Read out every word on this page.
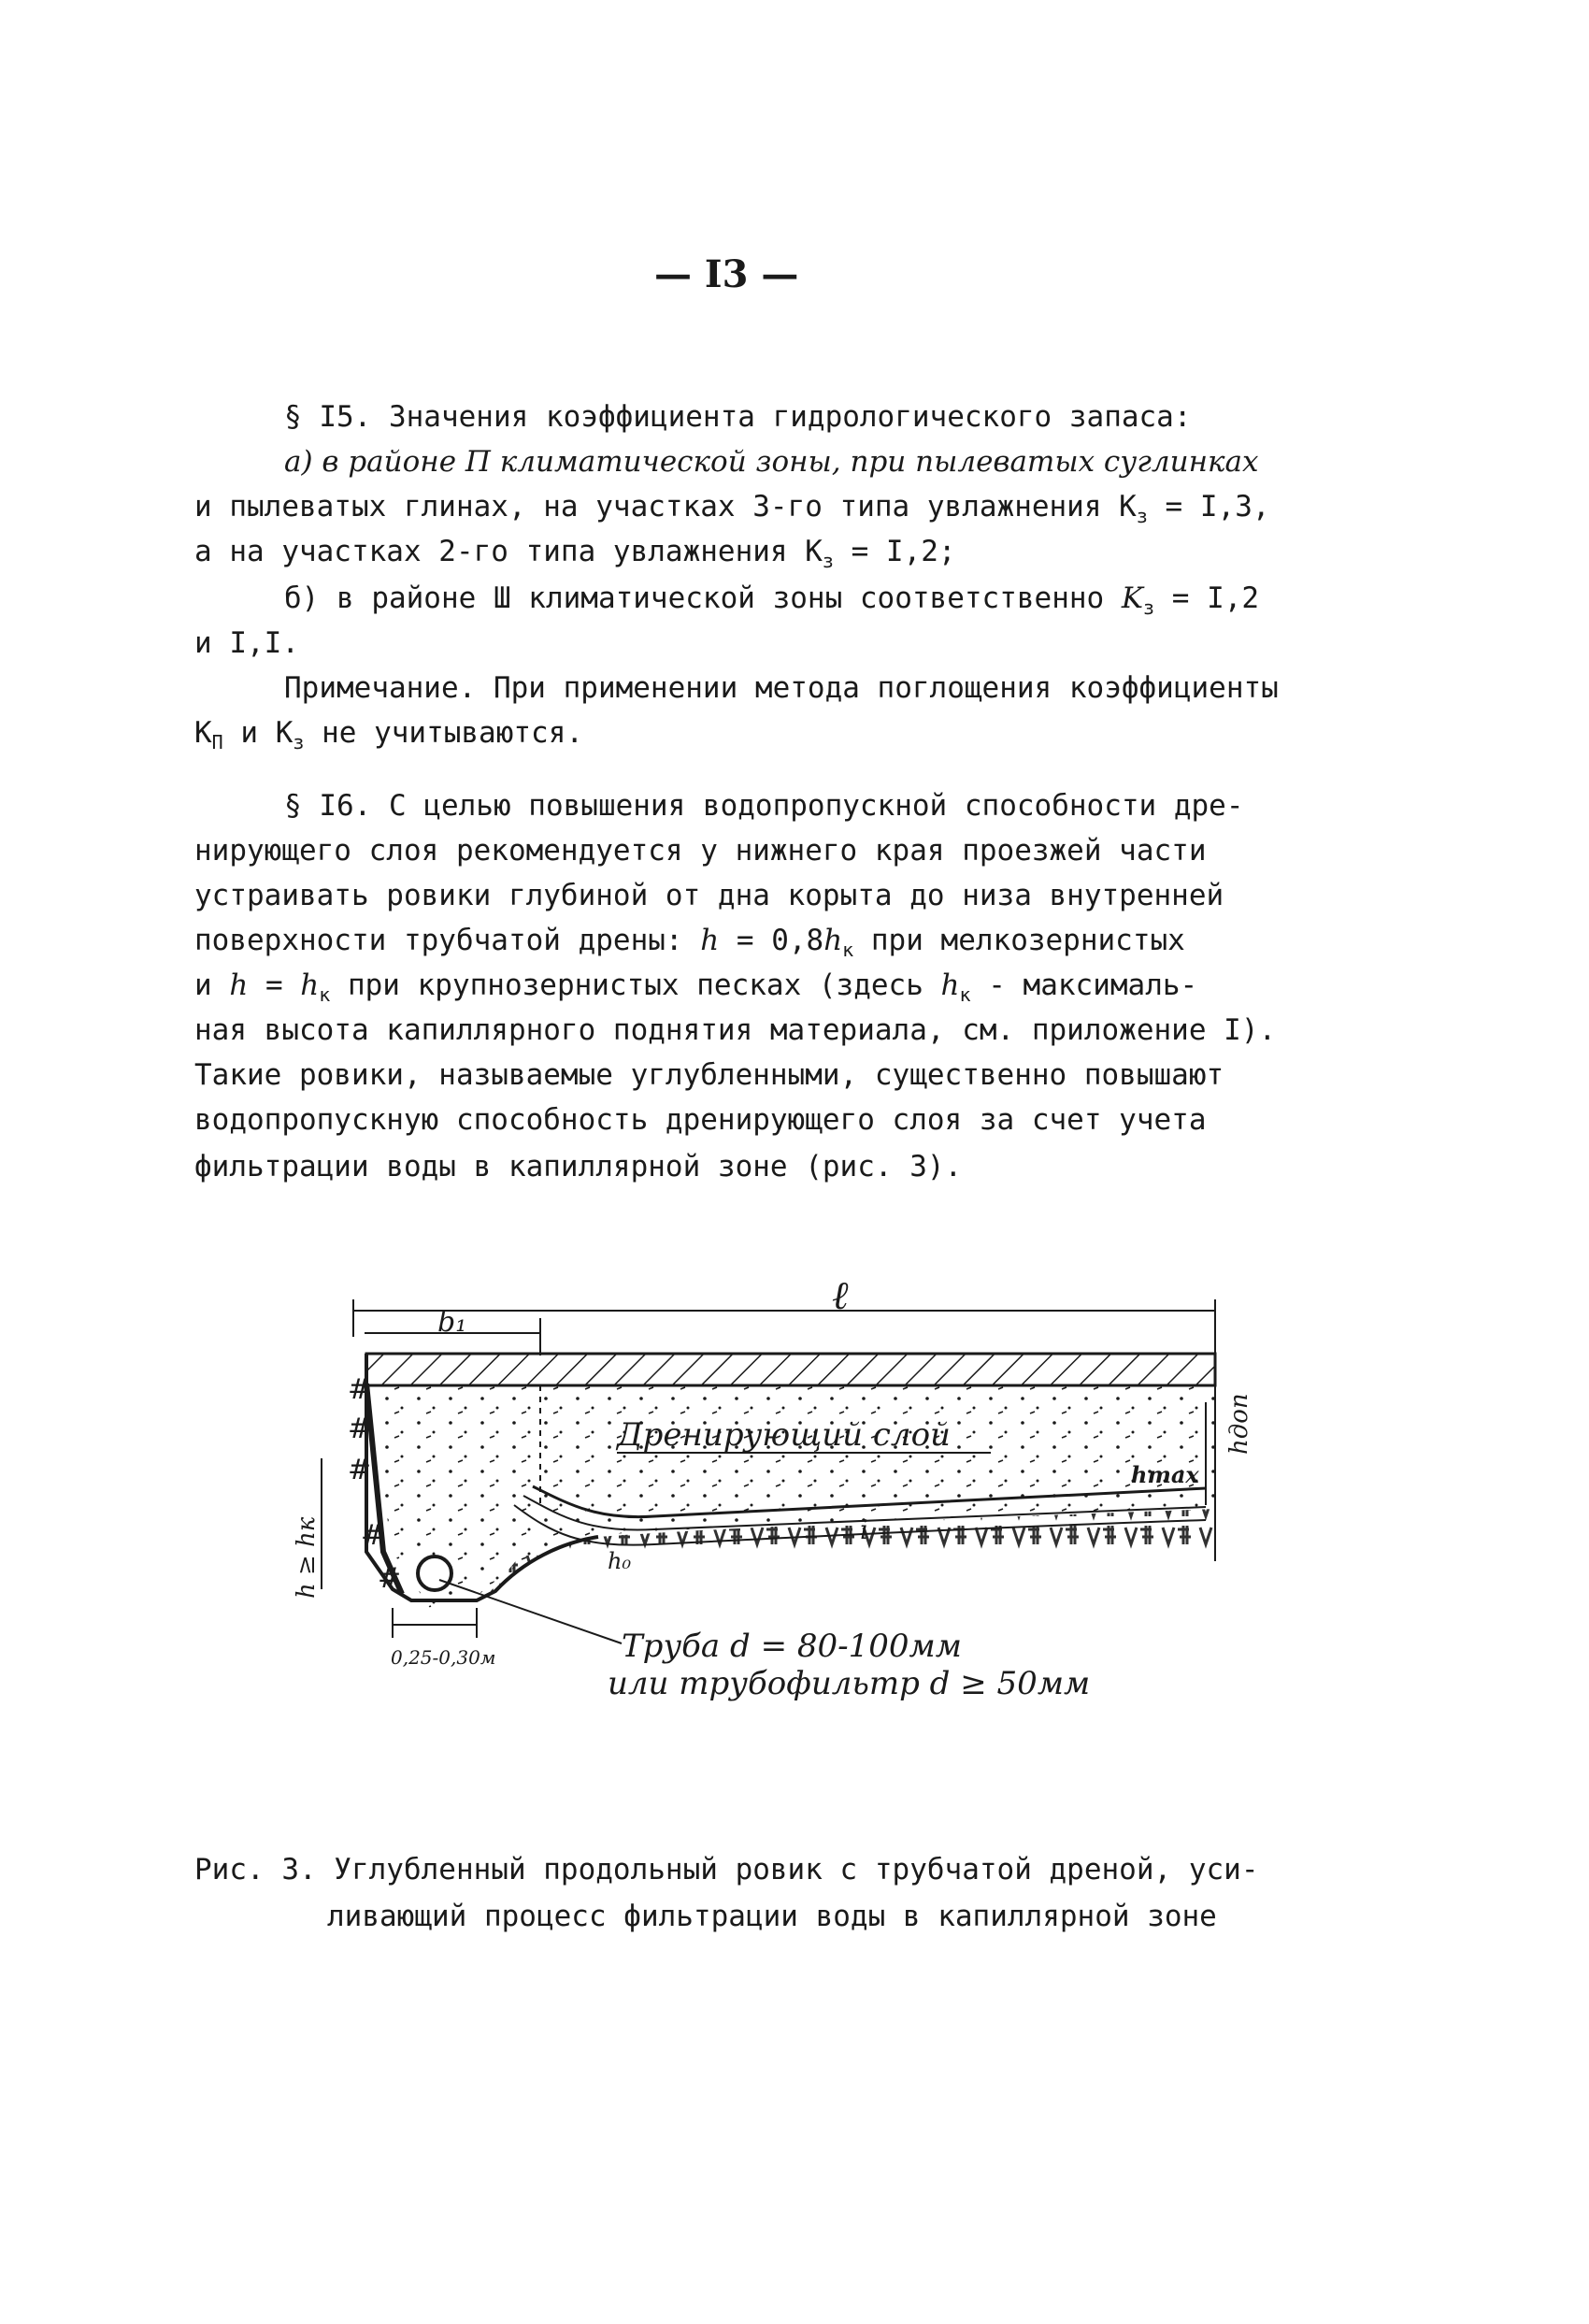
— I3 —
§ I5. Значения коэффициента гидрологического запаса:
а) в районе П климатической зоны, при пылеватых суглинках
и пылеватых глинах, на участках 3-го типа увлажнения $К_з = I,3$,
а на участках 2-го типа увлажнения $К_з = I,2$;
б) в районе Ш климатической зоны соответственно $K_з = I,2$
и I,I.
Примечание. При применении метода поглощения коэффициенты
$К_П$ и $К_з$ не учитываются.
§ I6. С целью повышения водопропускной способности дре-
нирующего слоя рекомендуется у нижнего края проезжей части
устраивать ровики глубиной от дна корыта до низа внутренней
поверхности трубчатой дрены: $h = 0,8h_к$ при мелкозернистых
и $h = h_к$ при крупнозернистых песках (здесь $h_к$ - максималь-
ная высота капиллярного поднятия материала, см. приложение I).
Такие ровики, называемые углубленными, существенно повышают
водопропускную способность дренирующего слоя за счет учета
фильтрации воды в капиллярной зоне (рис. 3).
ℓ
b₁
#
#
#
#
#
Дренирующий слой
hmax
i
h₀
hдоп
h ≥ hк
0,25-0,30м	Труба d = 80-100мм
или трубофильтр d ≥ 50мм
Рис. 3. Углубленный продольный ровик с трубчатой дреной, уси-
ливающий процесс фильтрации воды в капиллярной зоне
